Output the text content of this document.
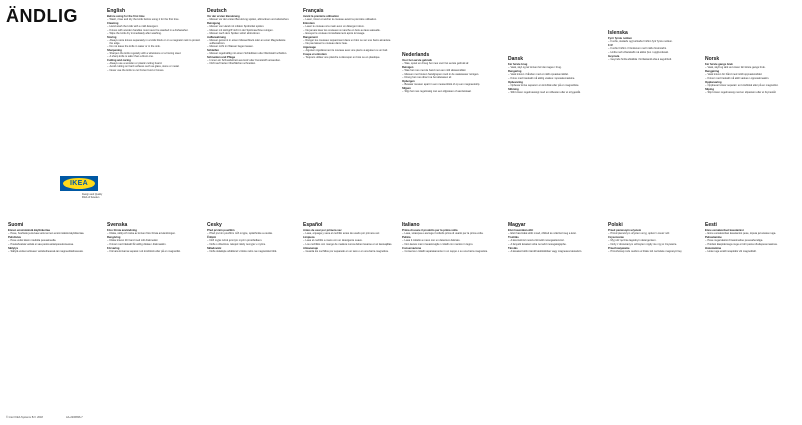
ÄNDLIG
IKEA
Design and Quality IKEA of Sweden
© Inter IKEA Systems B.V. 2018	AA-2206836-7
English
Before using for the first time

– Wash, rinse and dry the knife before using it for the first time.

Cleaning

– Hand wash the knife with a mild detergent.

– Knives with wooden handles must never be washed in a dishwasher.

– Wipe the knife dry immediately after washing.

Storing

– Always store knives separately in a knife block or on a magnetic rack to protect the edge.

– Do not leave the knife in water or in the sink.

Sharpening

– Sharpen the knife regularly with a whetstone or a honing steel.

– A sharp knife is safer than a blunt one.

Cutting and caring

– Always use a wooden or plastic cutting board.

– Avoid cutting on hard surfaces such as glass, stone or metal.

– Never use the knife to cut frozen food or bones.

Deutsch
Vor der ersten Benutzung

– Messer vor der ersten Benutzung spülen, abtrocknen und abwischen.

Reinigung

– Messer von Hand mit mildem Spülmittel spülen.

– Messer mit Holzgriff nicht in der Spülmaschine reinigen.

– Messer nach dem Spülen sofort abtrocknen.

Aufbewahrung

– Messer getrennt in einem Messerblock oder an einer Magnetleiste aufbewahren.

– Messer nicht im Wasser liegen lassen.

Schleifen

– Messer regelmäßig mit einem Schleifstein oder Wetzstahl schärfen.

Schneiden und Pflege

– Immer ein Schneidebrett aus Holz oder Kunststoff verwenden.

– Nicht auf harten Oberflächen schneiden.

Français
Avant la première utilisation

– Laver, rincer et sécher le couteau avant la première utilisation.

Entretien

– Laver le couteau à la main avec un détergent doux.

– Ne jamais laver les couteaux à manche en bois au lave-vaisselle.

– Essuyer le couteau immédiatement après le lavage.

Rangement

– Ranger les couteaux séparément dans un bloc ou sur une barre aimantée.

– Ne pas laisser le couteau dans l'eau.

Aiguisage

– Aiguiser régulièrement le couteau avec une pierre à aiguiser ou un fusil.

Coupe et entretien

– Toujours utiliser une planche à découper en bois ou en plastique.	Nederlands
Voor het eerste gebruik

– Was, spoel en droog het mes voor het eerste gebruik af.

Reinigen

– Was het mes met de hand met een mild afwasmiddel.

– Messen met houten handgrepen nooit in de vaatwasser reinigen.

– Droog het mes direct na het afwassen af.

Opbergen

– Bewaar messen apart in een messenblok of op een magneetstrip.

Slijpen

– Slijp het mes regelmatig met een slijpsteen of aanzetstaal.

Dansk
Før første brug

– Vask, skyl og tør kniven før den tages i brug.

Rengøring

– Vask kniven i hånden med et mildt opvaskemiddel.

– Knive med træskaft må aldrig vaskes i opvaskemaskine.

Opbevaring

– Opbevar knive separat i en knivblok eller på en magnetliste.

Slibning

– Slib kniven regelmæssigt med en slibesten eller et strygestål.

Íslenska
Fyrir fyrstu notkun

– Þvoðu, skolaðu og þurrkaðu hnífinn fyrir fyrstu notkun.

Þrif

– Þvoðu hnífinn í höndunum með mildu hreinsiefni.

– Hnífa með viðarskafti má aldrei þvo í uppþvottavél.

Geymsla

– Geymdu hnífa aðskilda í hnífastandi eða á segulrönd.	Norsk
Før første gangs bruk

– Vask, skyll og tørk av kniven før første gangs bruk.

Rengjøring

– Vask kniven for hånd med mildt oppvaskmiddel.

– Kniver med treskaft må aldri vaskes i oppvaskmaskin.

Oppbevaring

– Oppbevar kniver separat i en knivblokk eller på en magnetlist.

Sliping

– Slip kniven regelmessig med en slipestein eller et brynestål.

Suomi
Ennen ensimmäistä käyttökertaa

– Pese, huuhtele ja kuivaa veitsi ennen ensimmäistä käyttökertaa.

Puhdistus

– Pese veitsi käsin miedolla pesuaineella.

– Puukahvaisia veitsiä ei saa pestä astianpesukoneessa.

Säilytys

– Säilytä veitset erikseen veitsitelineessä tai magneettitelineessä.

Svenska
Före första användning

– Diska, skölj och torka av kniven före första användningen.

Rengöring

– Diska kniven för hand med milt diskmedel.

– Knivar med träskaft får aldrig diskas i diskmaskin.

Förvaring

– Förvara knivarna separat i ett knivblock eller på en magnetlist.

Česky
Před prvním použitím

– Před prvním použitím nůž omyjte, opláchněte a osušte.

Čištění

– Nůž myjte ručně jemným mycím prostředkem.

– Nože s dřevěnou rukojetí nikdy nemyjte v myčce.

Skladování

– Nože skladujte odděleně v bloku nebo na magnetické liště.

Español
Antes de usar por primera vez

– Lava, enjuaga y seca el cuchillo antes de usarlo por primera vez.

Limpieza

– Lava el cuchillo a mano con un detergente suave.

– Los cuchillos con mango de madera nunca deben lavarse en el lavavajillas.

Almacenaje

– Guarda los cuchillos por separado en un taco o en una barra magnética.

Italiano
Prima di usare il prodotto per la prima volta

– Lava, sciacqua e asciuga il coltello prima di usarlo per la prima volta.

Pulizia

– Lava il coltello a mano con un detersivo delicato.

– Non lavare mai in lavastoviglie i coltelli con manico in legno.

Conservazione

– Conserva i coltelli separatamente in un ceppo o su una barra magnetica.

Magyar
Első használat előtt

– Első használat előtt mosd, öblítsd és szárítsd meg a kést.

Tisztítás

– A kést kézzel mosd el kímélő mosogatószerrel.

– A fanyelű késeket soha ne tedd mosogatógépbe.

Tárolás

– A késeket külön tárold késblokkban vagy mágneses késtartón.

Polski
Przed pierwszym użyciem

– Przed pierwszym użyciem umyj, opłucz i osusz nóż.

Czyszczenie

– Myj nóż ręcznie łagodnym detergentem.

– Noży z drewnianym uchwytem nigdy nie myj w zmywarce.

Przechowywanie

– Przechowuj noże osobno w bloku lub na listwie magnetycznej.

Eesti
Enne esmakordset kasutamist

– Enne esmakordset kasutamist pese, loputa ja kuivata nuga.

Puhastamine

– Pese nuga käsitsi õrnatoimelise pesuvahendiga.

– Puidust käepidemega nuge ei tohi pesta nõudepesumasinas.

Hoiustamine

– Hoia nuge eraldi noaplokis või magnetlistil.
